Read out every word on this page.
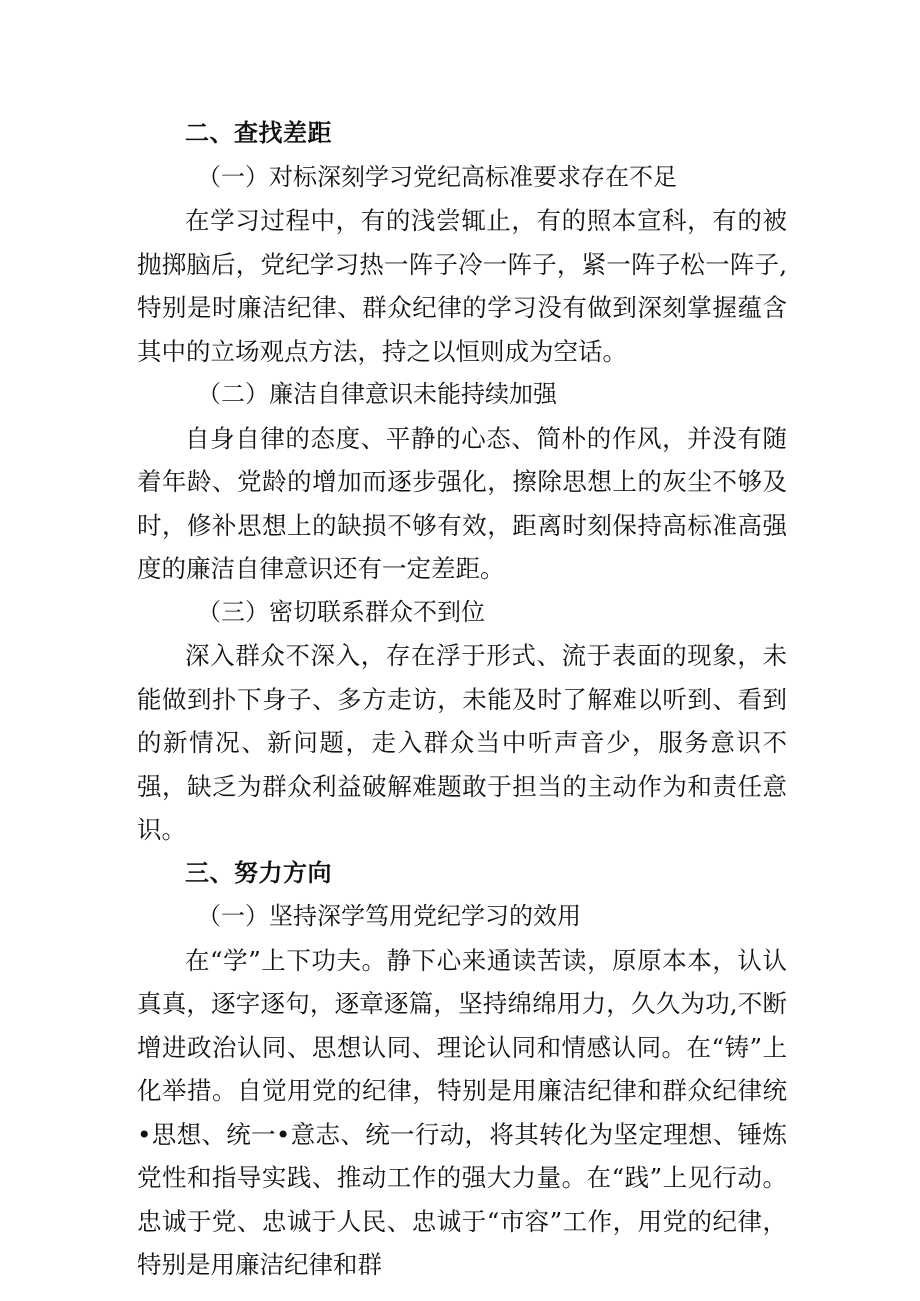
二、查找差距

（一）对标深刻学习党纪高标准要求存在不足

在学习过程中，有的浅尝辄止，有的照本宣科，有的被抛掷脑后，党纪学习热一阵子冷一阵子，紧一阵子松一阵子,特别是时廉洁纪律、群众纪律的学习没有做到深刻掌握蕴含其中的立场观点方法，持之以恒则成为空话。

（二）廉洁自律意识未能持续加强

自身自律的态度、平静的心态、简朴的作风，并没有随着年龄、党龄的增加而逐步强化，擦除思想上的灰尘不够及时，修补思想上的缺损不够有效，距离时刻保持高标准高强度的廉洁自律意识还有一定差距。

（三）密切联系群众不到位

深入群众不深入，存在浮于形式、流于表面的现象，未能做到扑下身子、多方走访，未能及时了解难以听到、看到的新情况、新问题，走入群众当中听声音少，服务意识不强，缺乏为群众利益破解难题敢于担当的主动作为和责任意识。

三、努力方向

（一）坚持深学笃用党纪学习的效用

在“学”上下功夫。静下心来通读苦读，原原本本，认认真真，逐字逐句，逐章逐篇，坚持绵绵用力，久久为功,不断增进政治认同、思想认同、理论认同和情感认同。在“铸”上化举措。自觉用党的纪律，特别是用廉洁纪律和群众纪律统•思想、统一•意志、统一行动，将其转化为坚定理想、锤炼党性和指导实践、推动工作的强大力量。在“践”上见行动。忠诚于党、忠诚于人民、忠诚于“市容”工作，用党的纪律，特别是用廉洁纪律和群
